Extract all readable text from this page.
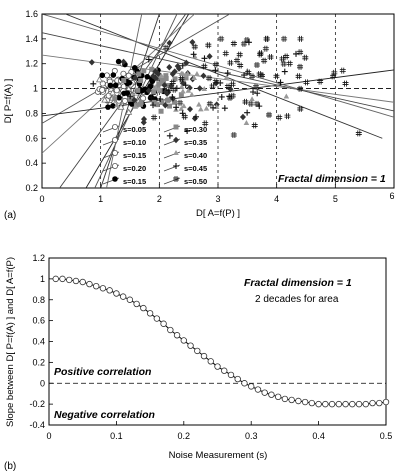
0	1	2	3	4	5	6
0.2
0.4
0.6
0.8
1
1.2
1.4
1.6
D[ A=f(P) ]
D[ P=f(A) ]
(a)
Fractal dimension = 1
s=0.05
s=0.10
s=0.15
s=0.20
s=0.15
s=0.30
s=0.35
s=0.40
s=0.45
s=0.50
0	0.1	0.2	0.3	0.4	0.5
-0.4
-0.2
0
0.2
0.4
0.6
0.8
1
1.2
Noise Measurement (s)
Slope between D[ P=f(A) ] and D[ A=f(P)
(b)
Fractal dimension = 1
2 decades for area
Positive correlation
Negative correlation
